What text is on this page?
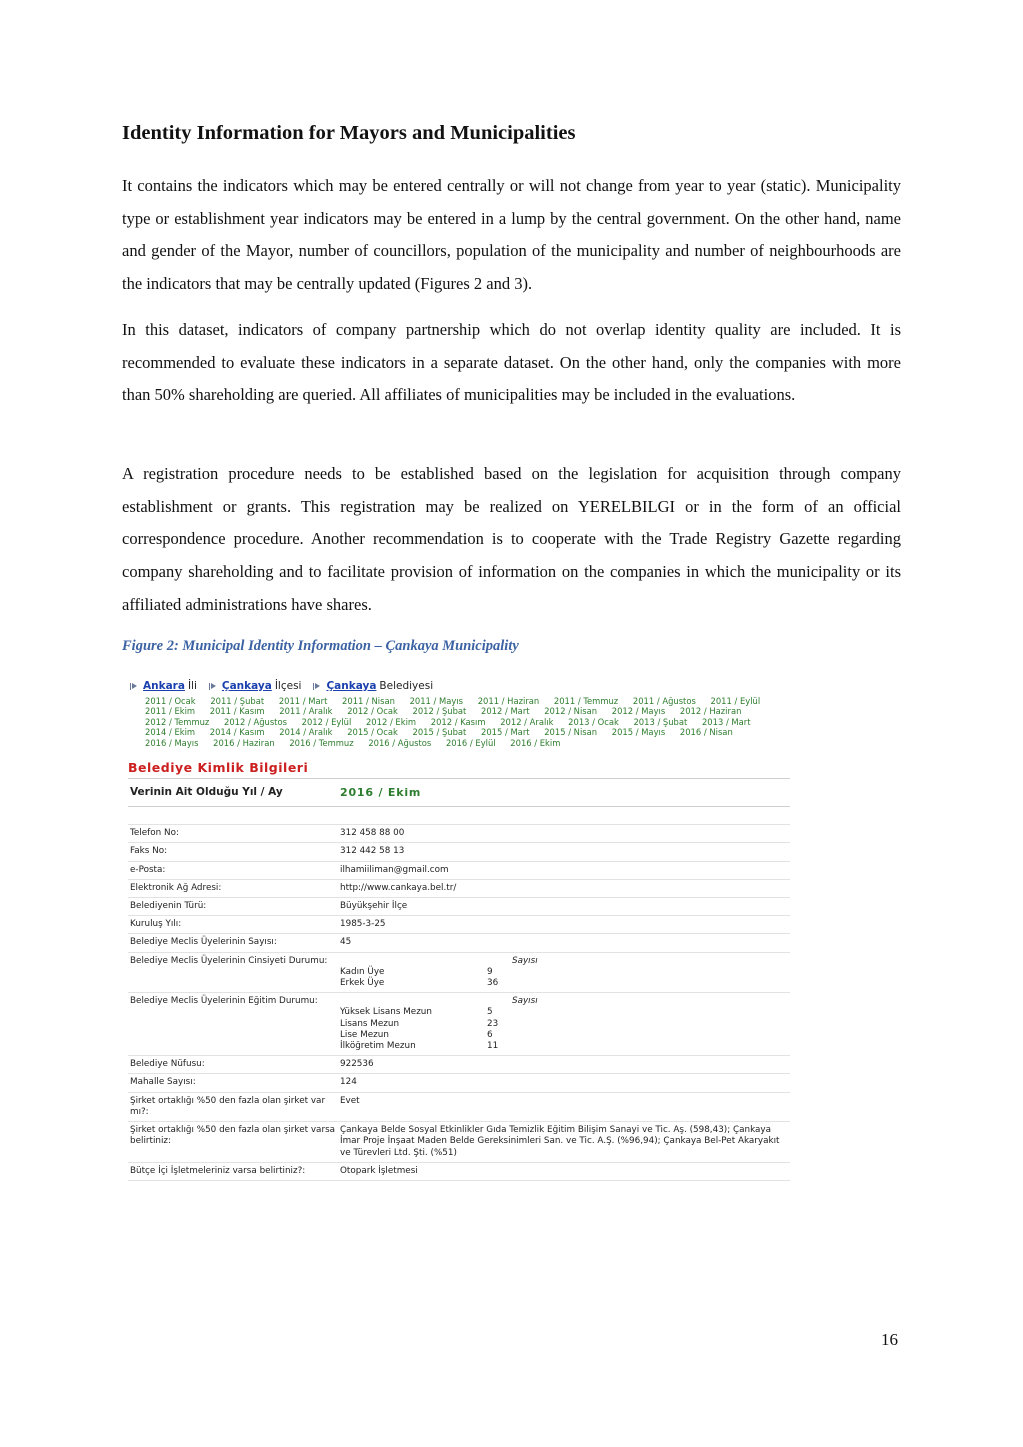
Identity Information for Mayors and Municipalities

It contains the indicators which may be entered centrally or will not change from year to year (static). Municipality type or establishment year indicators may be entered in a lump by the central government. On the other hand, name and gender of the Mayor, number of councillors, population of the municipality and number of neighbourhoods are the indicators that may be centrally updated (Figures 2 and 3).

In this dataset, indicators of company partnership which do not overlap identity quality are included. It is recommended to evaluate these indicators in a separate dataset. On the other hand, only the companies with more than 50% shareholding are queried. All affiliates of municipalities may be included in the evaluations.

A registration procedure needs to be established based on the legislation for acquisition through company establishment or grants. This registration may be realized on YERELBILGI or in the form of an official correspondence procedure. Another recommendation is to cooperate with the Trade Registry Gazette regarding company shareholding and to facilitate provision of information on the companies in which the municipality or its affiliated administrations have shares.

Figure 2: Municipal Identity Information – Çankaya Municipality

Ankara İli Çankaya İlçesi Çankaya Belediyesi
2011 / Ocak 2011 / Şubat 2011 / Mart 2011 / Nisan 2011 / Mayıs 2011 / Haziran 2011 / Temmuz 2011 / Ağustos 2011 / Eylül 2011 / Ekim 2011 / Kasım 2011 / Aralık 2012 / Ocak 2012 / Şubat 2012 / Mart 2012 / Nisan 2012 / Mayıs 2012 / Haziran 2012 / Temmuz 2012 / Ağustos 2012 / Eylül 2012 / Ekim 2012 / Kasım 2012 / Aralık 2013 / Ocak 2013 / Şubat 2013 / Mart 2014 / Ekim 2014 / Kasım 2014 / Aralık 2015 / Ocak 2015 / Şubat 2015 / Mart 2015 / Nisan 2015 / Mayıs 2016 / Nisan 2016 / Mayıs 2016 / Haziran 2016 / Temmuz 2016 / Ağustos 2016 / Eylül 2016 / Ekim
Belediye Kimlik Bilgileri
Verinin Ait Olduğu Yıl / Ay	2016 / Ekim
Telefon No:	312 458 88 00
Faks No:	312 442 58 13
e-Posta:	ilhamiiliman@gmail.com
Elektronik Ağ Adresi:	http://www.cankaya.bel.tr/
Belediyenin Türü:	Büyükşehir İlçe
Kuruluş Yılı:	1985-3-25
Belediye Meclis Üyelerinin Sayısı:	45
Belediye Meclis Üyelerinin Cinsiyeti Durumu:	Sayısı
Kadın Üye	9
Erkek Üye	36
Belediye Meclis Üyelerinin Eğitim Durumu:	Sayısı
Yüksek Lisans Mezun	5
Lisans Mezun	23
Lise Mezun	6
İlköğretim Mezun	11
Belediye Nüfusu:	922536
Mahalle Sayısı:	124
Şirket ortaklığı %50 den fazla olan şirket var mı?:
Evet
Şirket ortaklığı %50 den fazla olan şirket varsa belirtiniz:
Çankaya Belde Sosyal Etkinlikler Gıda Temizlik Eğitim Bilişim Sanayi ve Tic. Aş. (598,43); Çankaya İmar Proje İnşaat Maden Belde Gereksinimleri San. ve Tic. A.Ş. (%96,94); Çankaya Bel-Pet Akaryakıt ve Türevleri Ltd. Şti. (%51)
Bütçe İçi İşletmeleriniz varsa belirtiniz?:	Otopark İşletmesi
16
